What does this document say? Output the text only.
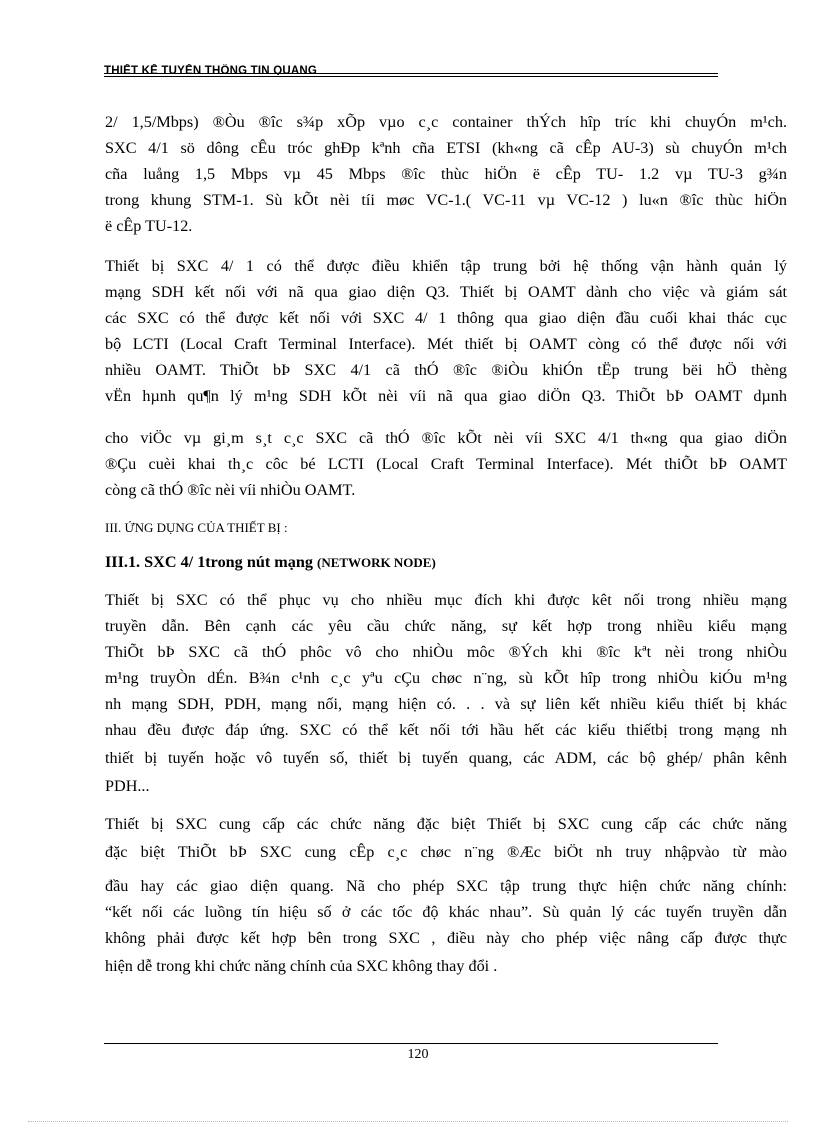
THIẾT KẾ TUYẾN THÔNG TIN QUANG
2/ 1,5/Mbps) ®Òu ®îc s¾p xÕp vµo c¸c container thÝch hîp tríc khi chuyÓn m¹ch.
SXC 4/1 sö dông cÊu tróc ghÐp kªnh cña ETSI (kh«ng cã cÊp AU-3) sù chuyÓn m¹ch
cña luång 1,5 Mbps vµ 45 Mbps ®îc thùc hiÖn ë cÊp TU- 1.2 vµ TU-3 g¾n
trong khung STM-1. Sù kÕt nèi tíi møc VC-1.( VC-11 vµ VC-12 ) lu«n ®îc thùc hiÖn
ë cÊp TU-12.
Thiết bị SXC 4/ 1 có thể được điều khiển tập trung bởi hệ thống vận hành quản lý
mạng SDH kết nối với nã qua giao diện Q3. Thiết bị OAMT dành cho việc và giám sát
các SXC có thể được kết nối với SXC 4/ 1 thông qua giao diện đầu cuối khai thác cục
bộ LCTI (Local Craft Terminal Interface). Mét thiết bị OAMT còng có thể được nối với
nhiều OAMT. ThiÕt bÞ SXC 4/1 cã thÓ ®îc ®iÒu khiÓn tËp trung bëi hÖ thèng
vËn hµnh qu¶n lý m¹ng SDH kÕt nèi víi nã qua giao diÖn Q3. ThiÕt bÞ OAMT dµnh
cho viÖc vµ gi¸m s¸t c¸c SXC cã thÓ ®îc kÕt nèi víi SXC 4/1 th«ng qua giao diÖn
®Çu cuèi khai th¸c côc bé LCTI (Local Craft Terminal Interface). Mét thiÕt bÞ OAMT
còng cã thÓ ®îc nèi víi nhiÒu OAMT.
III. ỨNG DỤNG CỦA THIẾT BỊ :
III.1. SXC 4/ 1trong nút mạng (NETWORK NODE)
Thiết bị SXC có thể phục vụ cho nhiều mục đích khi được kêt nối trong nhiều mạng
truyền dẫn. Bên cạnh các yêu cầu chức năng, sự kết hợp trong nhiều kiểu mạng
ThiÕt bÞ SXC cã thÓ phôc vô cho nhiÒu môc ®Ých khi ®îc kªt nèi trong nhiÒu
m¹ng truyÒn dÉn. B¾n c¹nh c¸c yªu cÇu chøc n¨ng, sù kÕt hîp trong nhiÒu kiÓu m¹ng
nh mạng SDH, PDH, mạng nối, mạng hiện có. . . và sự liên kết nhiều kiểu thiết bị khác
nhau đều được đáp ứng. SXC có thể kết nối tới hầu hết các kiểu thiếtbị trong mạng nh
thiết bị tuyến hoặc vô tuyến số, thiết bị tuyến quang, các ADM, các bộ ghép/ phân kênh
PDH...
Thiết bị SXC cung cấp các chức năng đặc biệt Thiết bị SXC cung cấp các chức năng
đặc biệt ThiÕt bÞ SXC cung cÊp c¸c chøc n¨ng ®Æc biÖt nh truy nhậpvào từ mào
đầu hay các giao diện quang. Nã cho phép SXC tập trung thực hiện chức năng chính:
“kết nối các luồng tín hiệu số ở các tốc độ khác nhau”. Sù quản lý các tuyến truyền dẫn
không phải được kết hợp bên trong SXC , điều này cho phép việc nâng cấp được thực
hiện dễ trong khi chức năng chính của SXC không thay đổi .
120
